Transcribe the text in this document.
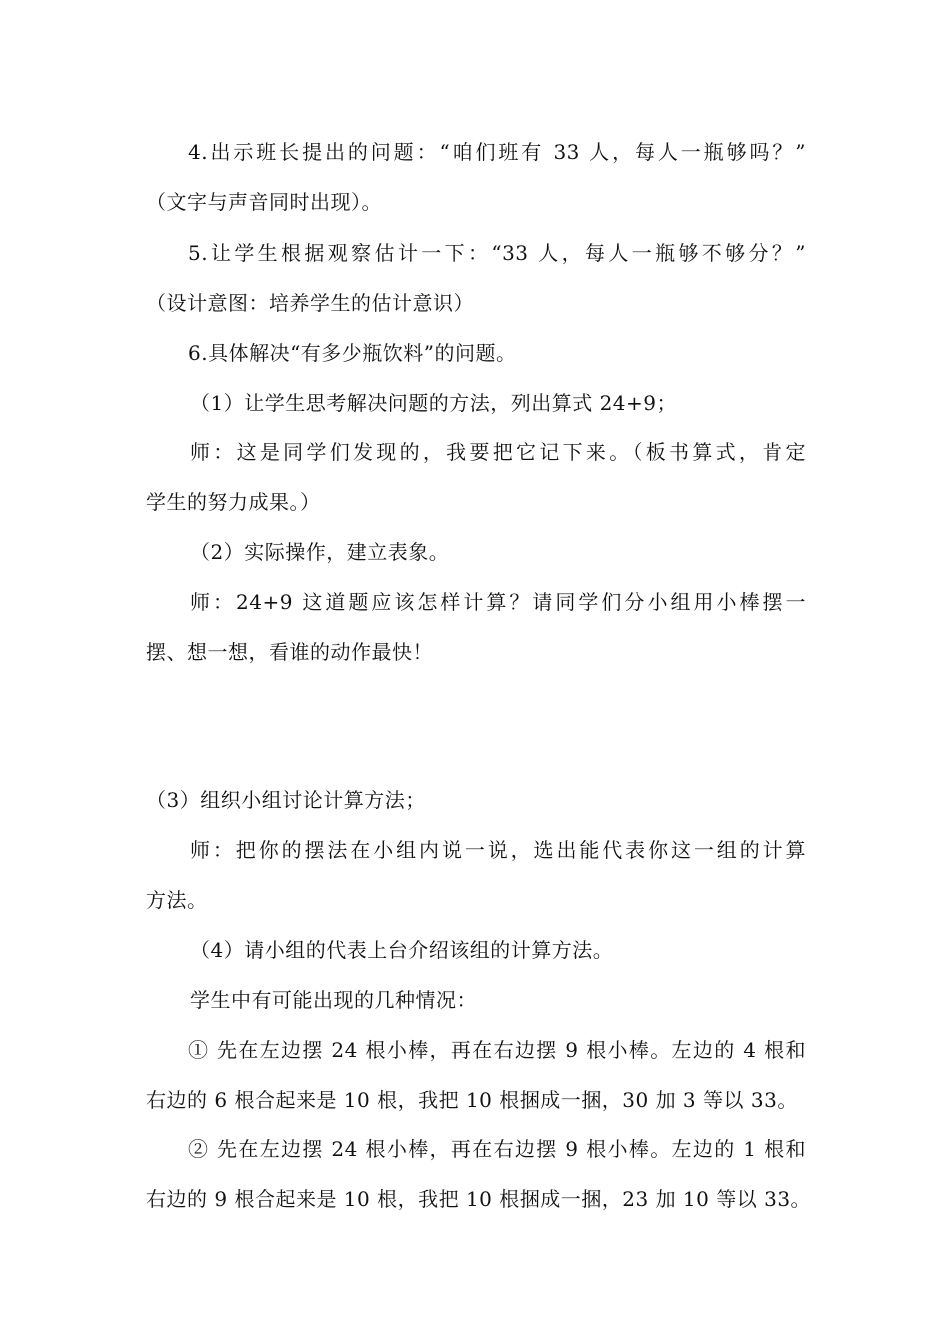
4.出示班长提出的问题：“咱们班有 33 人，每人一瓶够吗？”
（文字与声音同时出现）。
5.让学生根据观察估计一下：“33 人，每人一瓶够不够分？”
（设计意图：培养学生的估计意识）
6.具体解决“有多少瓶饮料”的问题。
（1）让学生思考解决问题的方法，列出算式 24+9；
师：这是同学们发现的，我要把它记下来。（板书算式，肯定
学生的努力成果。）
（2）实际操作，建立表象。
师：24+9 这道题应该怎样计算？请同学们分小组用小棒摆一
摆、想一想，看谁的动作最快！
（3）组织小组讨论计算方法；
师：把你的摆法在小组内说一说，选出能代表你这一组的计算
方法。
（4）请小组的代表上台介绍该组的计算方法。
学生中有可能出现的几种情况：
① 先在左边摆 24 根小棒，再在右边摆 9 根小棒。左边的 4 根和
右边的 6 根合起来是 10 根，我把 10 根捆成一捆，30 加 3 等以 33。
② 先在左边摆 24 根小棒，再在右边摆 9 根小棒。左边的 1 根和
右边的 9 根合起来是 10 根，我把 10 根捆成一捆，23 加 10 等以 33。
